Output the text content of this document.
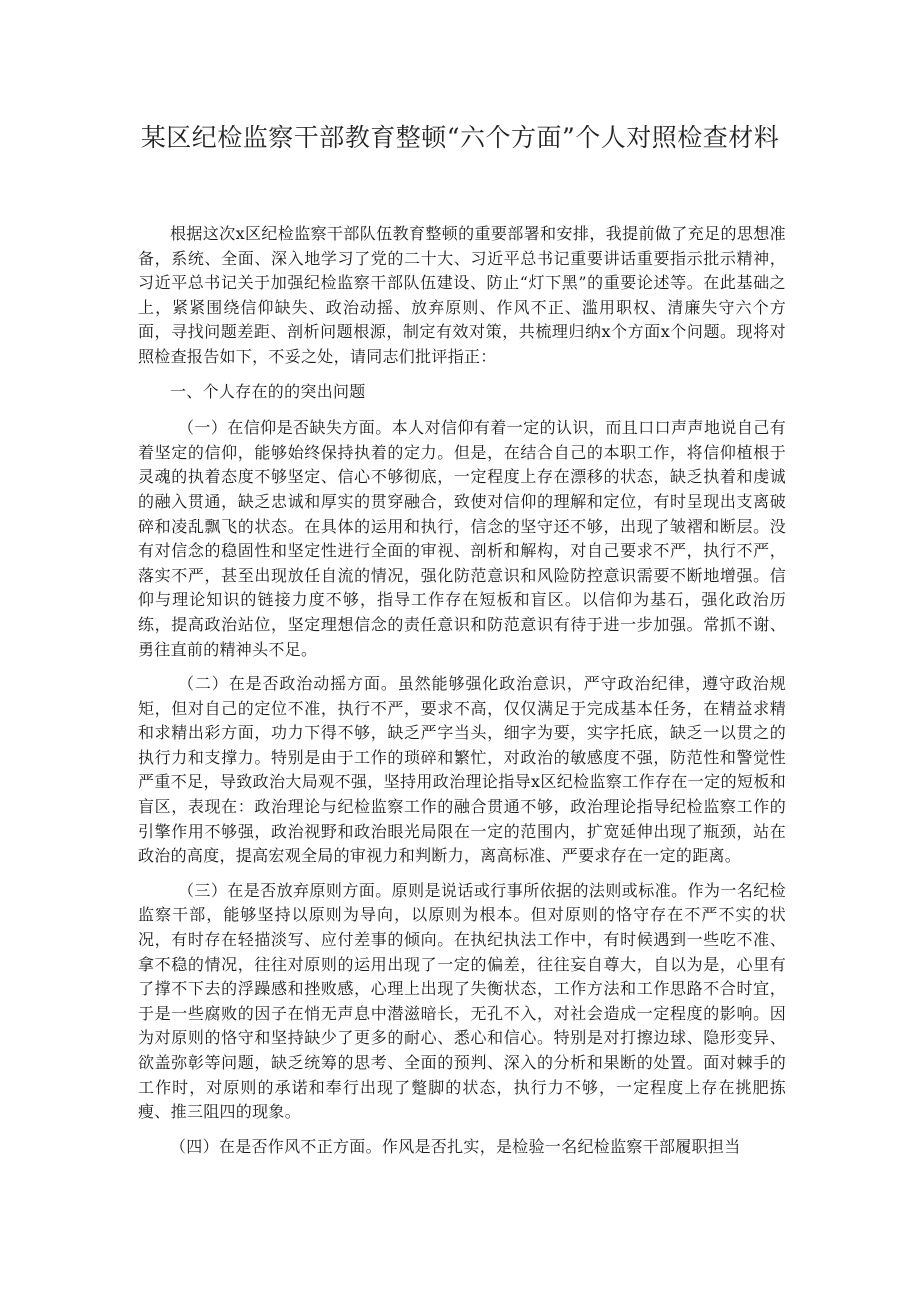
某区纪检监察干部教育整顿“六个方面”个人对照检查材料

根据这次x区纪检监察干部队伍教育整顿的重要部署和安排，我提前做了充足的思想准备，系统、全面、深入地学习了党的二十大、习近平总书记重要讲话重要指示批示精神，习近平总书记关于加强纪检监察干部队伍建设、防止“灯下黑”的重要论述等。在此基础之上，紧紧围绕信仰缺失、政治动摇、放弃原则、作风不正、滥用职权、清廉失守六个方面，寻找问题差距、剖析问题根源，制定有效对策，共梳理归纳x个方面x个问题。现将对照检查报告如下，不妥之处，请同志们批评指正：

一、个人存在的的突出问题

（一）在信仰是否缺失方面。本人对信仰有着一定的认识，而且口口声声地说自己有着坚定的信仰，能够始终保持执着的定力。但是，在结合自己的本职工作，将信仰植根于灵魂的执着态度不够坚定、信心不够彻底，一定程度上存在漂移的状态，缺乏执着和虔诚的融入贯通，缺乏忠诚和厚实的贯穿融合，致使对信仰的理解和定位，有时呈现出支离破碎和凌乱飘飞的状态。在具体的运用和执行，信念的坚守还不够，出现了皱褶和断层。没有对信念的稳固性和坚定性进行全面的审视、剖析和解构，对自己要求不严，执行不严，落实不严，甚至出现放任自流的情况，强化防范意识和风险防控意识需要不断地增强。信仰与理论知识的链接力度不够，指导工作存在短板和盲区。以信仰为基石，强化政治历练，提高政治站位，坚定理想信念的责任意识和防范意识有待于进一步加强。常抓不谢、勇往直前的精神头不足。

（二）在是否政治动摇方面。虽然能够强化政治意识，严守政治纪律，遵守政治规矩，但对自己的定位不准，执行不严，要求不高，仅仅满足于完成基本任务，在精益求精和求精出彩方面，功力下得不够，缺乏严字当头，细字为要，实字托底，缺乏一以贯之的执行力和支撑力。特别是由于工作的琐碎和繁忙，对政治的敏感度不强，防范性和警觉性严重不足，导致政治大局观不强，坚持用政治理论指导x区纪检监察工作存在一定的短板和盲区，表现在：政治理论与纪检监察工作的融合贯通不够，政治理论指导纪检监察工作的引擎作用不够强，政治视野和政治眼光局限在一定的范围内，扩宽延伸出现了瓶颈，站在政治的高度，提高宏观全局的审视力和判断力，离高标准、严要求存在一定的距离。

（三）在是否放弃原则方面。原则是说话或行事所依据的法则或标准。作为一名纪检监察干部，能够坚持以原则为导向，以原则为根本。但对原则的恪守存在不严不实的状况，有时存在轻描淡写、应付差事的倾向。在执纪执法工作中，有时候遇到一些吃不准、拿不稳的情况，往往对原则的运用出现了一定的偏差，往往妄自尊大，自以为是，心里有了撑不下去的浮躁感和挫败感，心理上出现了失衡状态，工作方法和工作思路不合时宜，于是一些腐败的因子在悄无声息中潜滋暗长，无孔不入，对社会造成一定程度的影响。因为对原则的恪守和坚持缺少了更多的耐心、悉心和信心。特别是对打擦边球、隐形变异、欲盖弥彰等问题，缺乏统筹的思考、全面的预判、深入的分析和果断的处置。面对棘手的工作时，对原则的承诺和奉行出现了蹩脚的状态，执行力不够，一定程度上存在挑肥拣瘦、推三阻四的现象。

（四）在是否作风不正方面。作风是否扎实，是检验一名纪检监察干部履职担当
